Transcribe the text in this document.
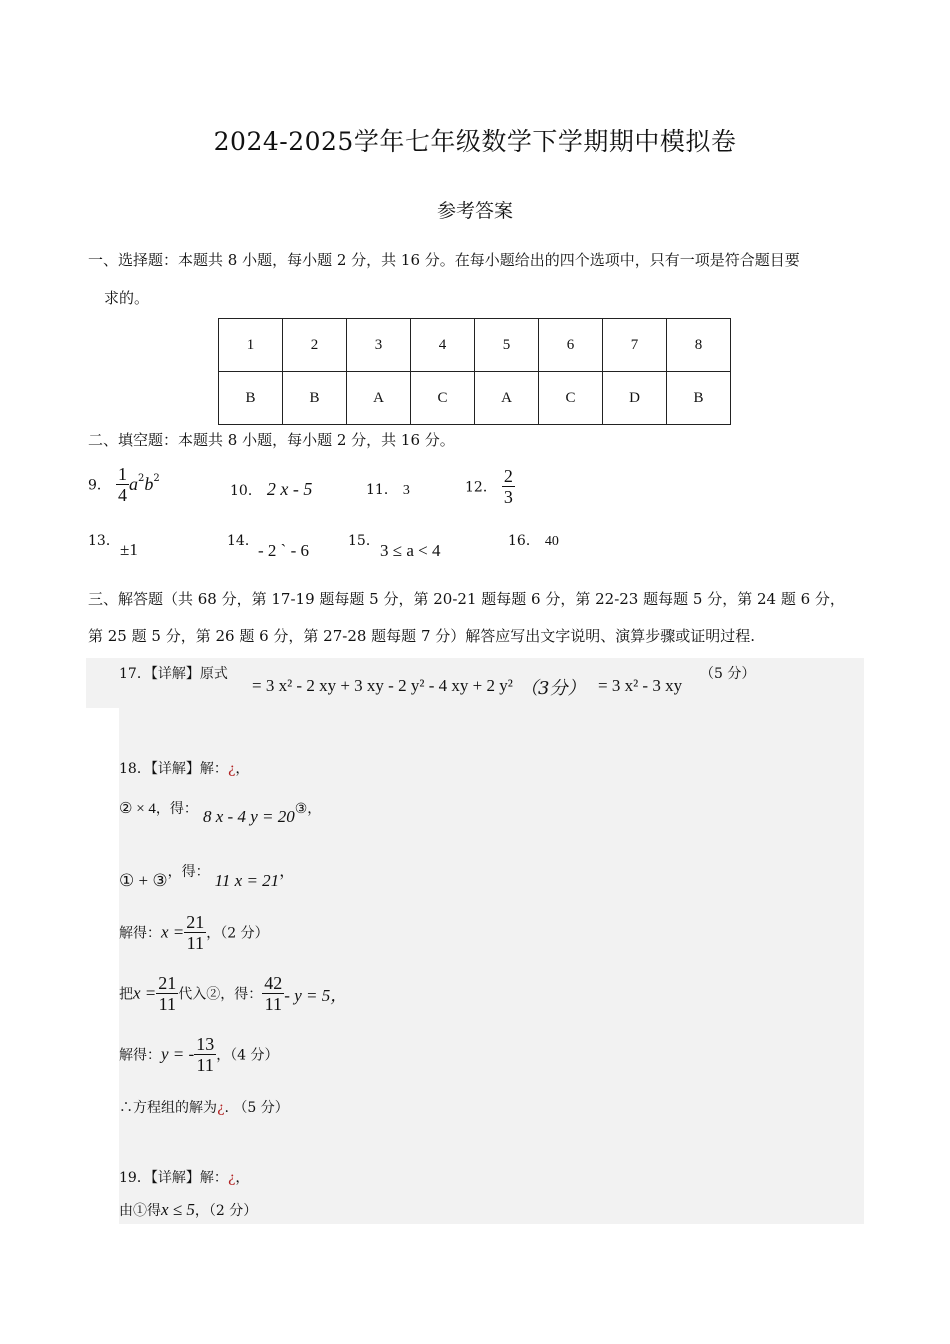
2024-2025学年七年级数学下学期期中模拟卷
参考答案
一、选择题：本题共 8 小题，每小题 2 分，共 16 分。在每小题给出的四个选项中，只有一项是符合题目要
求的。
1	2	3	4	5	6	7	8
B	B	A	C	A	C	D	B
二、填空题：本题共 8 小题，每小题 2 分，共 16 分。
9． $\frac{1}{4} a^2b^2$
10． 2 x - 5	11． 3	12． $\frac{2}{3}$
13． ±1	14． - 2 ` - 6	15． 3 ≤ a < 4	16． 40
三、解答题（共 68 分，第 17-19 题每题 5 分，第 20-21 题每题 6 分，第 22-23 题每题 5 分，第 24 题 6 分，
第 25 题 5 分，第 26 题 6 分，第 27-28 题每题 7 分）解答应写出文字说明、演算步骤或证明过程.
17．【详解】原式
= 3 x² - 2 xy + 3 xy - 2 y² - 4 xy + 2 y² （3分） = 3 x² - 3 xy
（5 分）
18．【详解】解：¿，
② × 4，得： 8 x - 4 y = 20③，
① + ③，得： 11 x = 21，
解得：$x = \frac{21}{11}$ ，（2 分）
把$x = \frac{21}{11}$ 代入②，得： $\frac{42}{11} - y = 5$，
解得：y = - $\frac{13}{11}$ ，（4 分）
∴方程组的解为¿. （5 分）
19．【详解】解：¿，
由①得x ≤ 5，（2 分）
